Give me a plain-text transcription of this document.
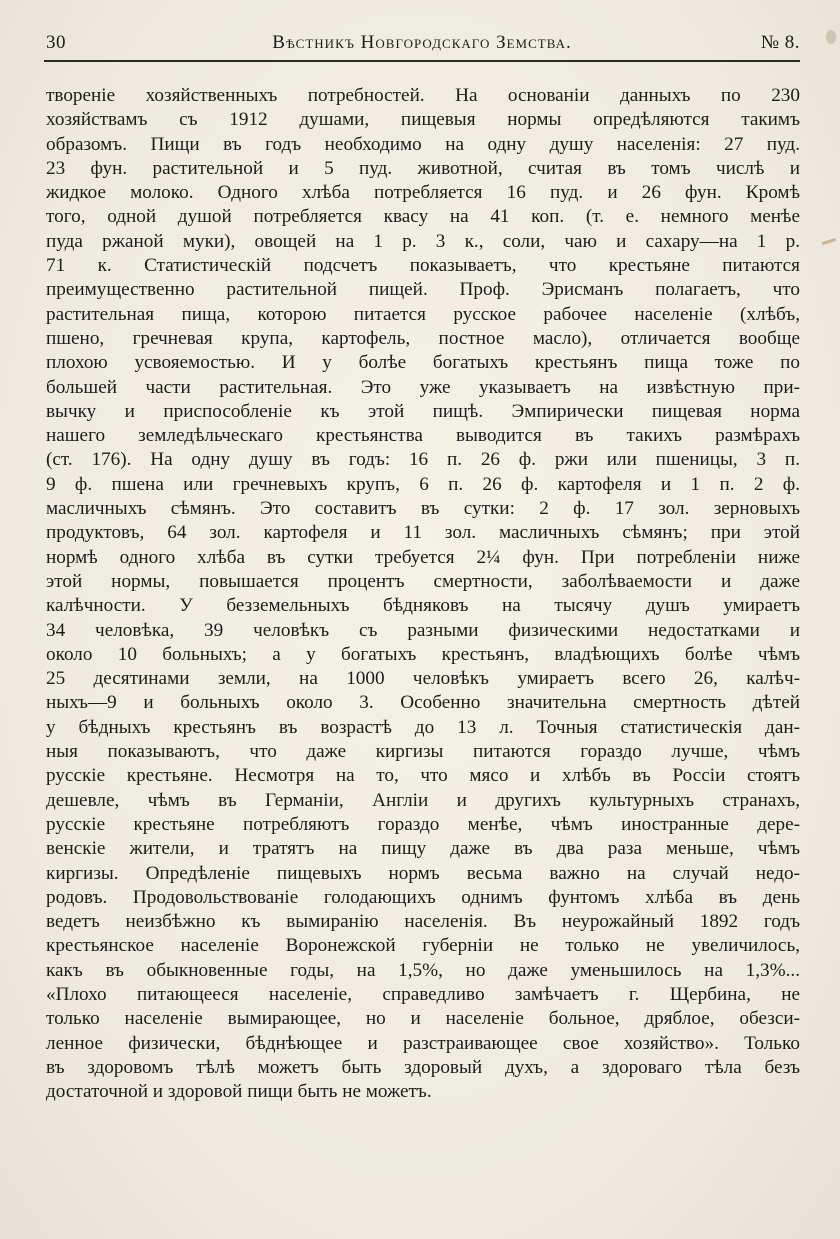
30	Вѣстникъ Новгородскаго Земства.	№ 8.
твореніе хозяйственныхъ потребностей. На основаніи данныхъ по 230
хозяйствамъ съ 1912 душами, пищевыя нормы опредѣляются такимъ
образомъ. Пищи въ годъ необходимо на одну душу населенія: 27 пуд.
23 фун. растительной и 5 пуд. животной, считая въ томъ числѣ и
жидкое молоко. Одного хлѣба потребляется 16 пуд. и 26 фун. Кромѣ
того, одной душой потребляется квасу на 41 коп. (т. е. немного менѣе
пуда ржаной муки), овощей на 1 р. 3 к., соли, чаю и сахару—на 1 р.
71 к. Статистическій подсчетъ показываетъ, что крестьяне питаются
преимущественно растительной пищей. Проф. Эрисманъ полагаетъ, что
растительная пища, которою питается русское рабочее населеніе (хлѣбъ,
пшено, гречневая крупа, картофель, постное масло), отличается вообще
плохою усвояемостью. И у болѣе богатыхъ крестьянъ пища тоже по
большей части растительная. Это уже указываетъ на извѣстную при-
вычку и приспособленіе къ этой пищѣ. Эмпирически пищевая норма
нашего земледѣльческаго крестьянства выводится въ такихъ размѣрахъ
(ст. 176). На одну душу въ годъ: 16 п. 26 ф. ржи или пшеницы, 3 п.
9 ф. пшена или гречневыхъ крупъ, 6 п. 26 ф. картофеля и 1 п. 2 ф.
масличныхъ сѣмянъ. Это составитъ въ сутки: 2 ф. 17 зол. зерновыхъ
продуктовъ, 64 зол. картофеля и 11 зол. масличныхъ сѣмянъ; при этой
нормѣ одного хлѣба въ сутки требуется 2¼ фун. При потребленіи ниже
этой нормы, повышается процентъ смертности, заболѣваемости и даже
калѣчности. У безземельныхъ бѣдняковъ на тысячу душъ умираетъ
34 человѣка, 39 человѣкъ съ разными физическими недостатками и
около 10 больныхъ; а у богатыхъ крестьянъ, владѣющихъ болѣе чѣмъ
25 десятинами земли, на 1000 человѣкъ умираетъ всего 26, калѣч-
ныхъ—9 и больныхъ около 3. Особенно значительна смертность дѣтей
у бѣдныхъ крестьянъ въ возрастѣ до 13 л. Точныя статистическія дан-
ныя показываютъ, что даже киргизы питаются гораздо лучше, чѣмъ
русскіе крестьяне. Несмотря на то, что мясо и хлѣбъ въ Россіи стоятъ
дешевле, чѣмъ въ Германіи, Англіи и другихъ культурныхъ странахъ,
русскіе крестьяне потребляютъ гораздо менѣе, чѣмъ иностранные дере-
венскіе жители, и тратятъ на пищу даже въ два раза меньше, чѣмъ
киргизы. Опредѣленіе пищевыхъ нормъ весьма важно на случай недо-
родовъ. Продовольствованіе голодающихъ однимъ фунтомъ хлѣба въ день
ведетъ неизбѣжно къ вымиранію населенія. Въ неурожайный 1892 годъ
крестьянское населеніе Воронежской губерніи не только не увеличилось,
какъ въ обыкновенные годы, на 1,5%, но даже уменьшилось на 1,3%...
«Плохо питающееся населеніе, справедливо замѣчаетъ г. Щербина, не
только населеніе вымирающее, но и населеніе больное, дряблое, обезси-
ленное физически, бѣднѣющее и разстраивающее свое хозяйство». Только
въ здоровомъ тѣлѣ можетъ быть здоровый духъ, а здороваго тѣла безъ
достаточной и здоровой пищи быть не можетъ.
